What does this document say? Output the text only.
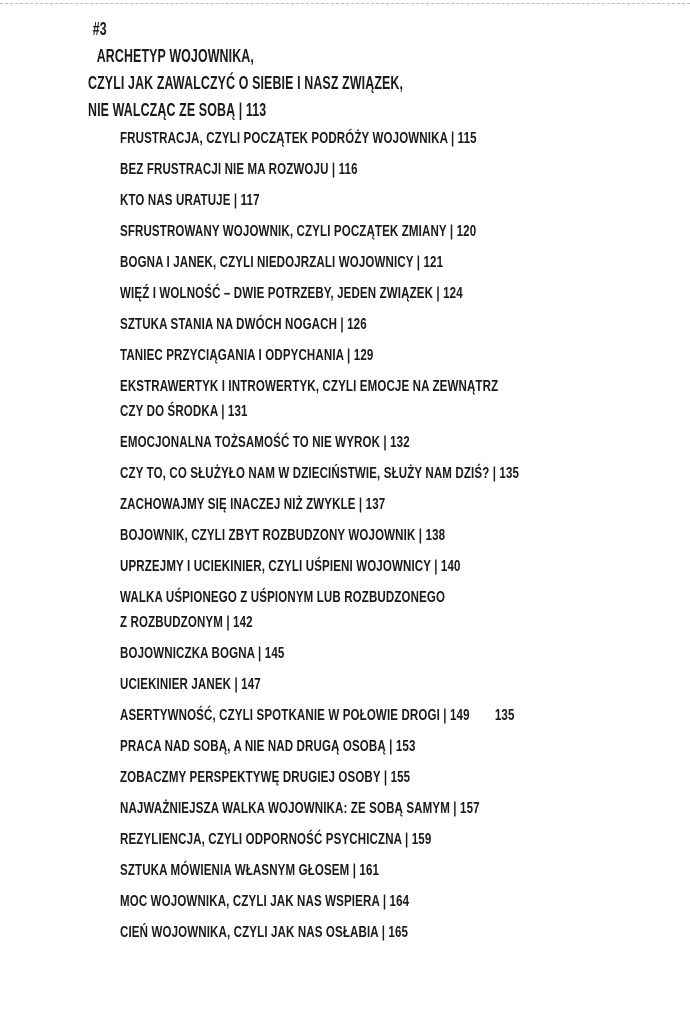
#3
ARCHETYP WOJOWNIKA,
CZYLI JAK ZAWALCZYĆ O SIEBIE I NASZ ZWIĄZEK,
NIE WALCZĄC ZE SOBĄ | 113
FRUSTRACJA, CZYLI POCZĄTEK PODRÓŻY WOJOWNIKA | 115
BEZ FRUSTRACJI NIE MA ROZWOJU | 116
KTO NAS URATUJE | 117
SFRUSTROWANY WOJOWNIK, CZYLI POCZĄTEK ZMIANY | 120
BOGNA I JANEK, CZYLI NIEDOJRZALI WOJOWNICY | 121
WIĘŹ I WOLNOŚĆ – DWIE POTRZEBY, JEDEN ZWIĄZEK | 124
SZTUKA STANIA NA DWÓCH NOGACH | 126
TANIEC PRZYCIĄGANIA I ODPYCHANIA | 129
EKSTRAWERTYK I INTROWERTYK, CZYLI EMOCJE NA ZEWNĄTRZ
CZY DO ŚRODKA | 131
EMOCJONALNA TOŻSAMOŚĆ TO NIE WYROK | 132
CZY TO, CO SŁUŻYŁO NAM W DZIECIŃSTWIE, SŁUŻY NAM DZIŚ? | 135
ZACHOWAJMY SIĘ INACZEJ NIŻ ZWYKLE | 137
BOJOWNIK, CZYLI ZBYT ROZBUDZONY WOJOWNIK | 138
UPRZEJMY I UCIEKINIER, CZYLI UŚPIENI WOJOWNICY | 140
WALKA UŚPIONEGO Z UŚPIONYM LUB ROZBUDZONEGO
Z ROZBUDZONYM | 142
BOJOWNICZKA BOGNA | 145
UCIEKINIER JANEK | 147
ASERTYWNOŚĆ, CZYLI SPOTKANIE W POŁOWIE DROGI | 149 135
PRACA NAD SOBĄ, A NIE NAD DRUGĄ OSOBĄ | 153
ZOBACZMY PERSPEKTYWĘ DRUGIEJ OSOBY | 155
NAJWAŻNIEJSZA WALKA WOJOWNIKA: ZE SOBĄ SAMYM | 157
REZYLIENCJA, CZYLI ODPORNOŚĆ PSYCHICZNA | 159
SZTUKA MÓWIENIA WŁASNYM GŁOSEM | 161
MOC WOJOWNIKA, CZYLI JAK NAS WSPIERA | 164
CIEŃ WOJOWNIKA, CZYLI JAK NAS OSŁABIA | 165
